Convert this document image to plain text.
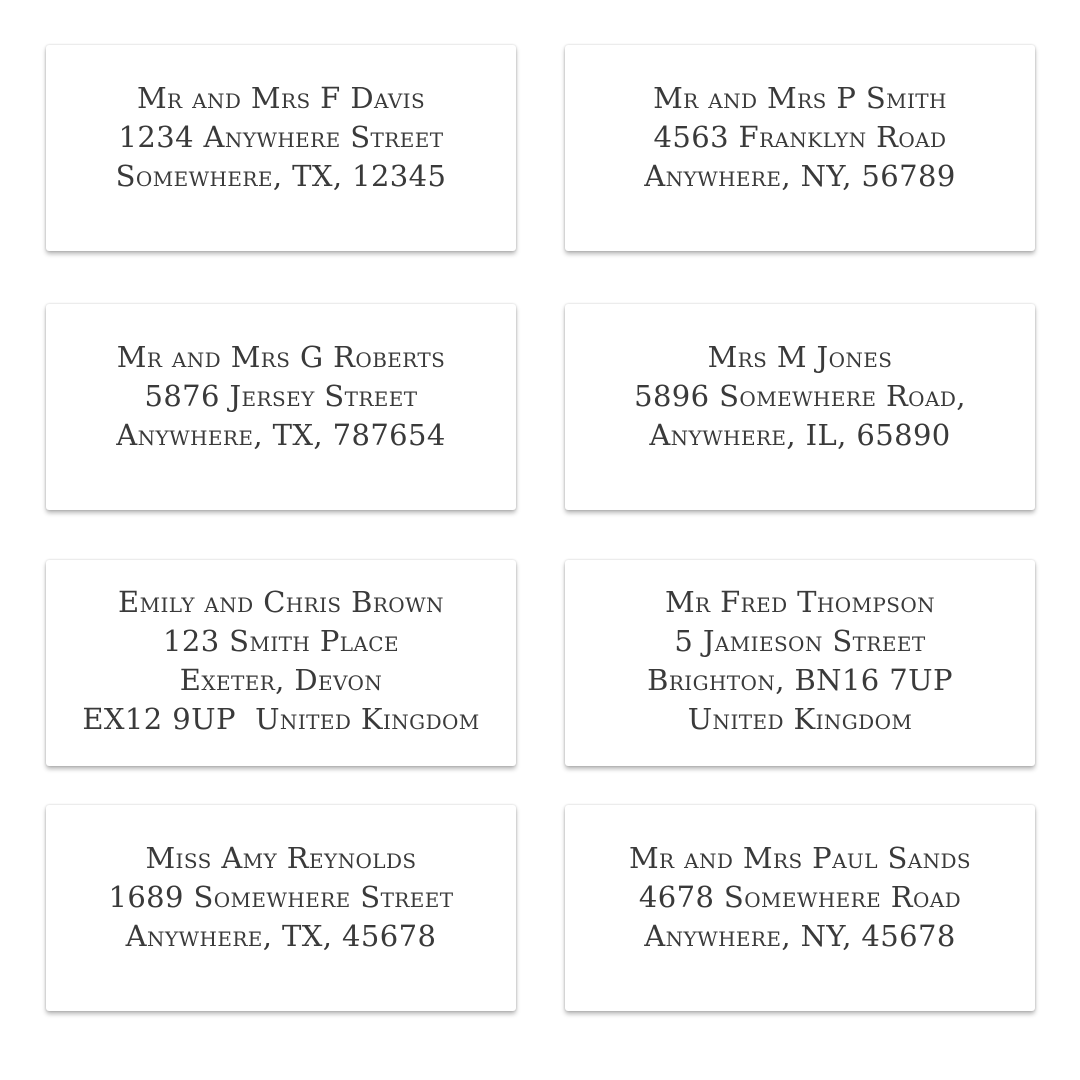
Mr and Mrs F Davis
1234 Anywhere Street
Somewhere, TX, 12345
Mr and Mrs P Smith
4563 Franklyn Road
Anywhere, NY, 56789
Mr and Mrs G Roberts
5876 Jersey Street
Anywhere, TX, 787654
Mrs M Jones
5896 Somewhere Road,
Anywhere, IL, 65890
Emily and Chris Brown
123 Smith Place
Exeter, Devon
EX12 9UP  United Kingdom
Mr Fred Thompson
5 Jamieson Street
Brighton, BN16 7UP
United Kingdom
Miss Amy Reynolds
1689 Somewhere Street
Anywhere, TX, 45678
Mr and Mrs Paul Sands
4678 Somewhere Road
Anywhere, NY, 45678
